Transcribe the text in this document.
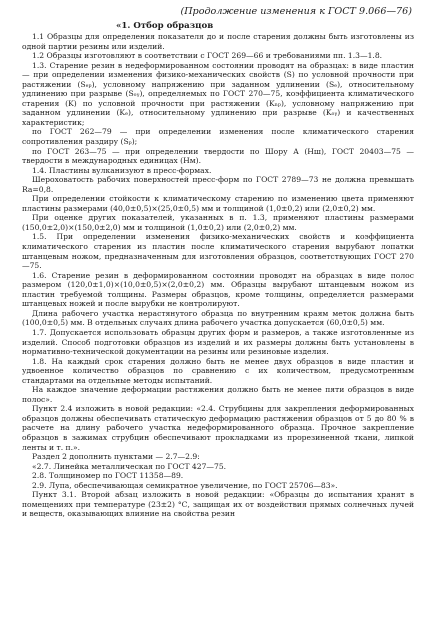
(Продолжение изменения к ГОСТ 9.066—76)
«1. Отбор образцов

1.1 Образцы для определения показателя до и после старения должны быть изготовлены из одной партии резины или изделий.

1.2 Образцы изготовляют в соответствии с ГОСТ 269—66 и требованиями пп. 1.3—1.8.

1.3. Старение резин в недеформированном состоянии проводят на образцах: в виде пластин — при определении изменения физико-механических свойств (S) по условной прочности при растяжении (Sₑₚ), условному напряжению при заданном удлинении (Sₑ), относительному удлинению при разрыве (Sₒᵧ), определяемых по ГОСТ 270—75, коэффициента климатического старения (K) по условной прочности при растяжении (Kₙₚ), условному напряжению при заданном удлинении (Kₑ), относительному удлинению при разрыве (Kₒᵧ) и качественных характеристик;

по ГОСТ 262—79 — при определении изменения после климатического старения сопротивления раздиру (Sₚ);

по ГОСТ 263—75 — при определении твердости по Шору А (Hш), ГОСТ 20403—75 — твердости в международных единицах (Hм).

1.4. Пластины вулканизуют в пресс-формах.

Шероховатость рабочих поверхностей пресс-форм по ГОСТ 2789—73 не должна превышать Ra=0,8.

При определении стойкости к климатическому старению по изменению цвета применяют пластины размерами (40,0±0,5)×(25,0±0,5) мм и толщиной (1,0±0,2) или (2,0±0,2) мм.

При оценке других показателей, указанных в п. 1.3, применяют пластины размерами (150,0±2,0)×(150,0±2,0) мм и толщиной (1,0±0,2) или (2,0±0,2) мм.

1.5. При определении изменения физико-механических свойств и коэффициента климатического старения из пластин после климатического старения вырубают лопатки штанцевым ножом, предназначенным для изготовления образцов, соответствующих ГОСТ 270—75.

1.6. Старение резин в деформированном состоянии проводят на образцах в виде полос размером (120,0±1,0)×(10,0±0,5)×(2,0±0,2) мм. Образцы вырубают штанцевым ножом из пластин требуемой толщины. Размеры образцов, кроме толщины, определяется размерами штанцевых ножей и после вырубки не контролируют.

Длина рабочего участка нерастянутого образца по внутренним краям меток должна быть (100,0±0,5) мм. В отдельных случаях длина рабочего участка допускается (60,0±0,5) мм.

1.7. Допускается использовать образцы других форм и размеров, а также изготовленные из изделий. Способ подготовки образцов из изделий и их размеры должны быть установлены в нормативно-технической документации на резины или резиновые изделия.

1.8. На каждый срок старения должно быть не менее двух образцов в виде пластин и удвоенное количество образцов по сравнению с их количеством, предусмотренным стандартами на отдельные методы испытаний.

На каждое значение деформации растяжения должно быть не менее пяти образцов в виде полос».

Пункт 2.4 изложить в новой редакции: «2.4. Струбцины для закрепления деформированных образцов должны обеспечивать статическую деформацию растяжения образцов от 5 до 80 % в расчете на длину рабочего участка недеформированного образца. Прочное закрепление образцов в зажимах струбцин обеспечивают прокладками из прорезиненной ткани, липкой ленты и т. п.».

Раздел 2 дополнить пунктами — 2.7—2.9:

«2.7. Линейка металлическая по ГОСТ 427—75.

2.8. Толщиномер по ГОСТ 11358—89.

2.9. Лупа, обеспечивающая семикратное увеличение, по ГОСТ 25706—83».

Пункт 3.1. Второй абзац изложить в новой редакции: «Образцы до испытания хранят в помещениях при температуре (23±2) °С, защищая их от воздействия прямых солнечных лучей и веществ, оказывающих влияние на свойства резин
